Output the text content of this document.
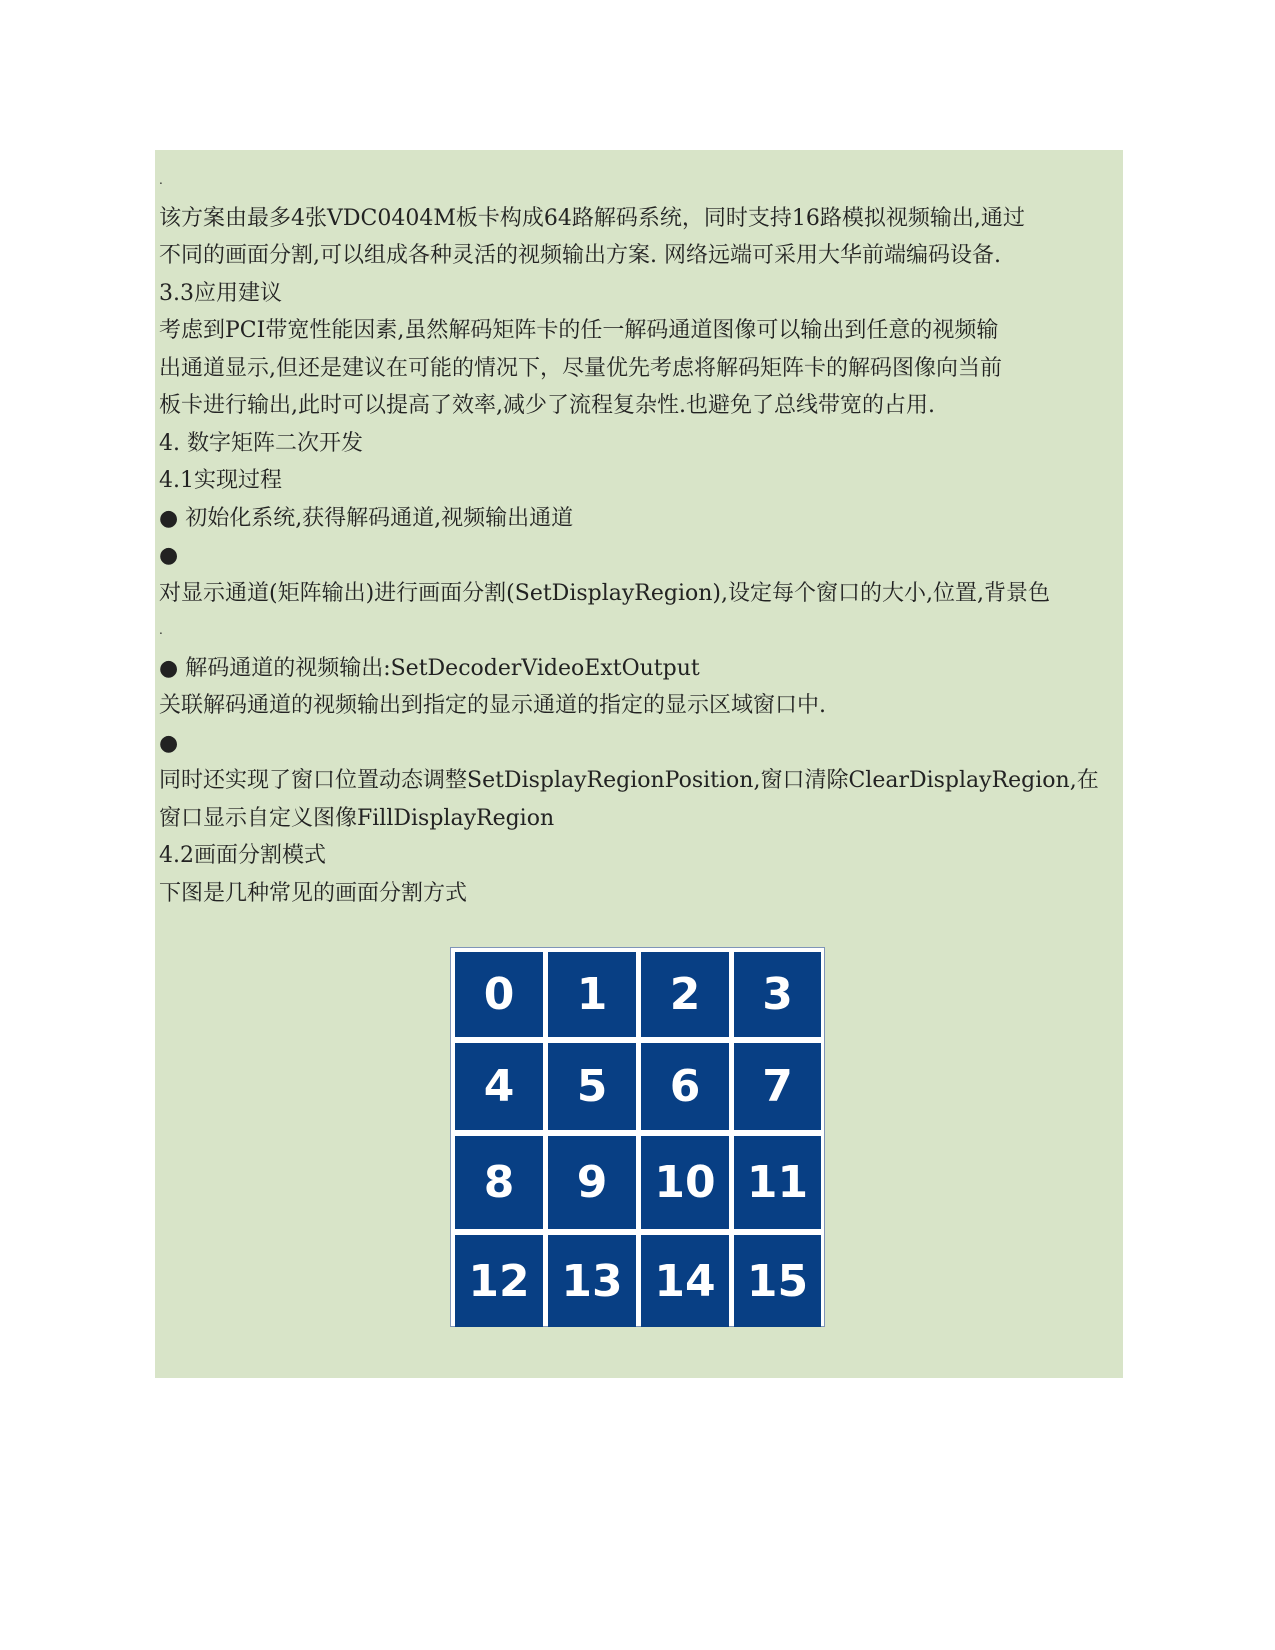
.
该方案由最多4张VDC0404M板卡构成64路解码系统，同时支持16路模拟视频输出,通过
不同的画面分割,可以组成各种灵活的视频输出方案. 网络远端可采用大华前端编码设备.
3.3应用建议
考虑到PCI带宽性能因素,虽然解码矩阵卡的任一解码通道图像可以输出到任意的视频输
出通道显示,但还是建议在可能的情况下，尽量优先考虑将解码矩阵卡的解码图像向当前
板卡进行输出,此时可以提高了效率,减少了流程复杂性.也避免了总线带宽的占用.
4. 数字矩阵二次开发
4.1实现过程
● 初始化系统,获得解码通道,视频输出通道
●
对显示通道(矩阵输出)进行画面分割(SetDisplayRegion),设定每个窗口的大小,位置,背景色
.
● 解码通道的视频输出:SetDecoderVideoExtOutput
关联解码通道的视频输出到指定的显示通道的指定的显示区域窗口中.
●
同时还实现了窗口位置动态调整SetDisplayRegionPosition,窗口清除ClearDisplayRegion,在
窗口显示自定义图像FillDisplayRegion
4.2画面分割模式
下图是几种常见的画面分割方式
0	1	2	3
4	5	6	7
8	9	10 11
12 13 14 15
